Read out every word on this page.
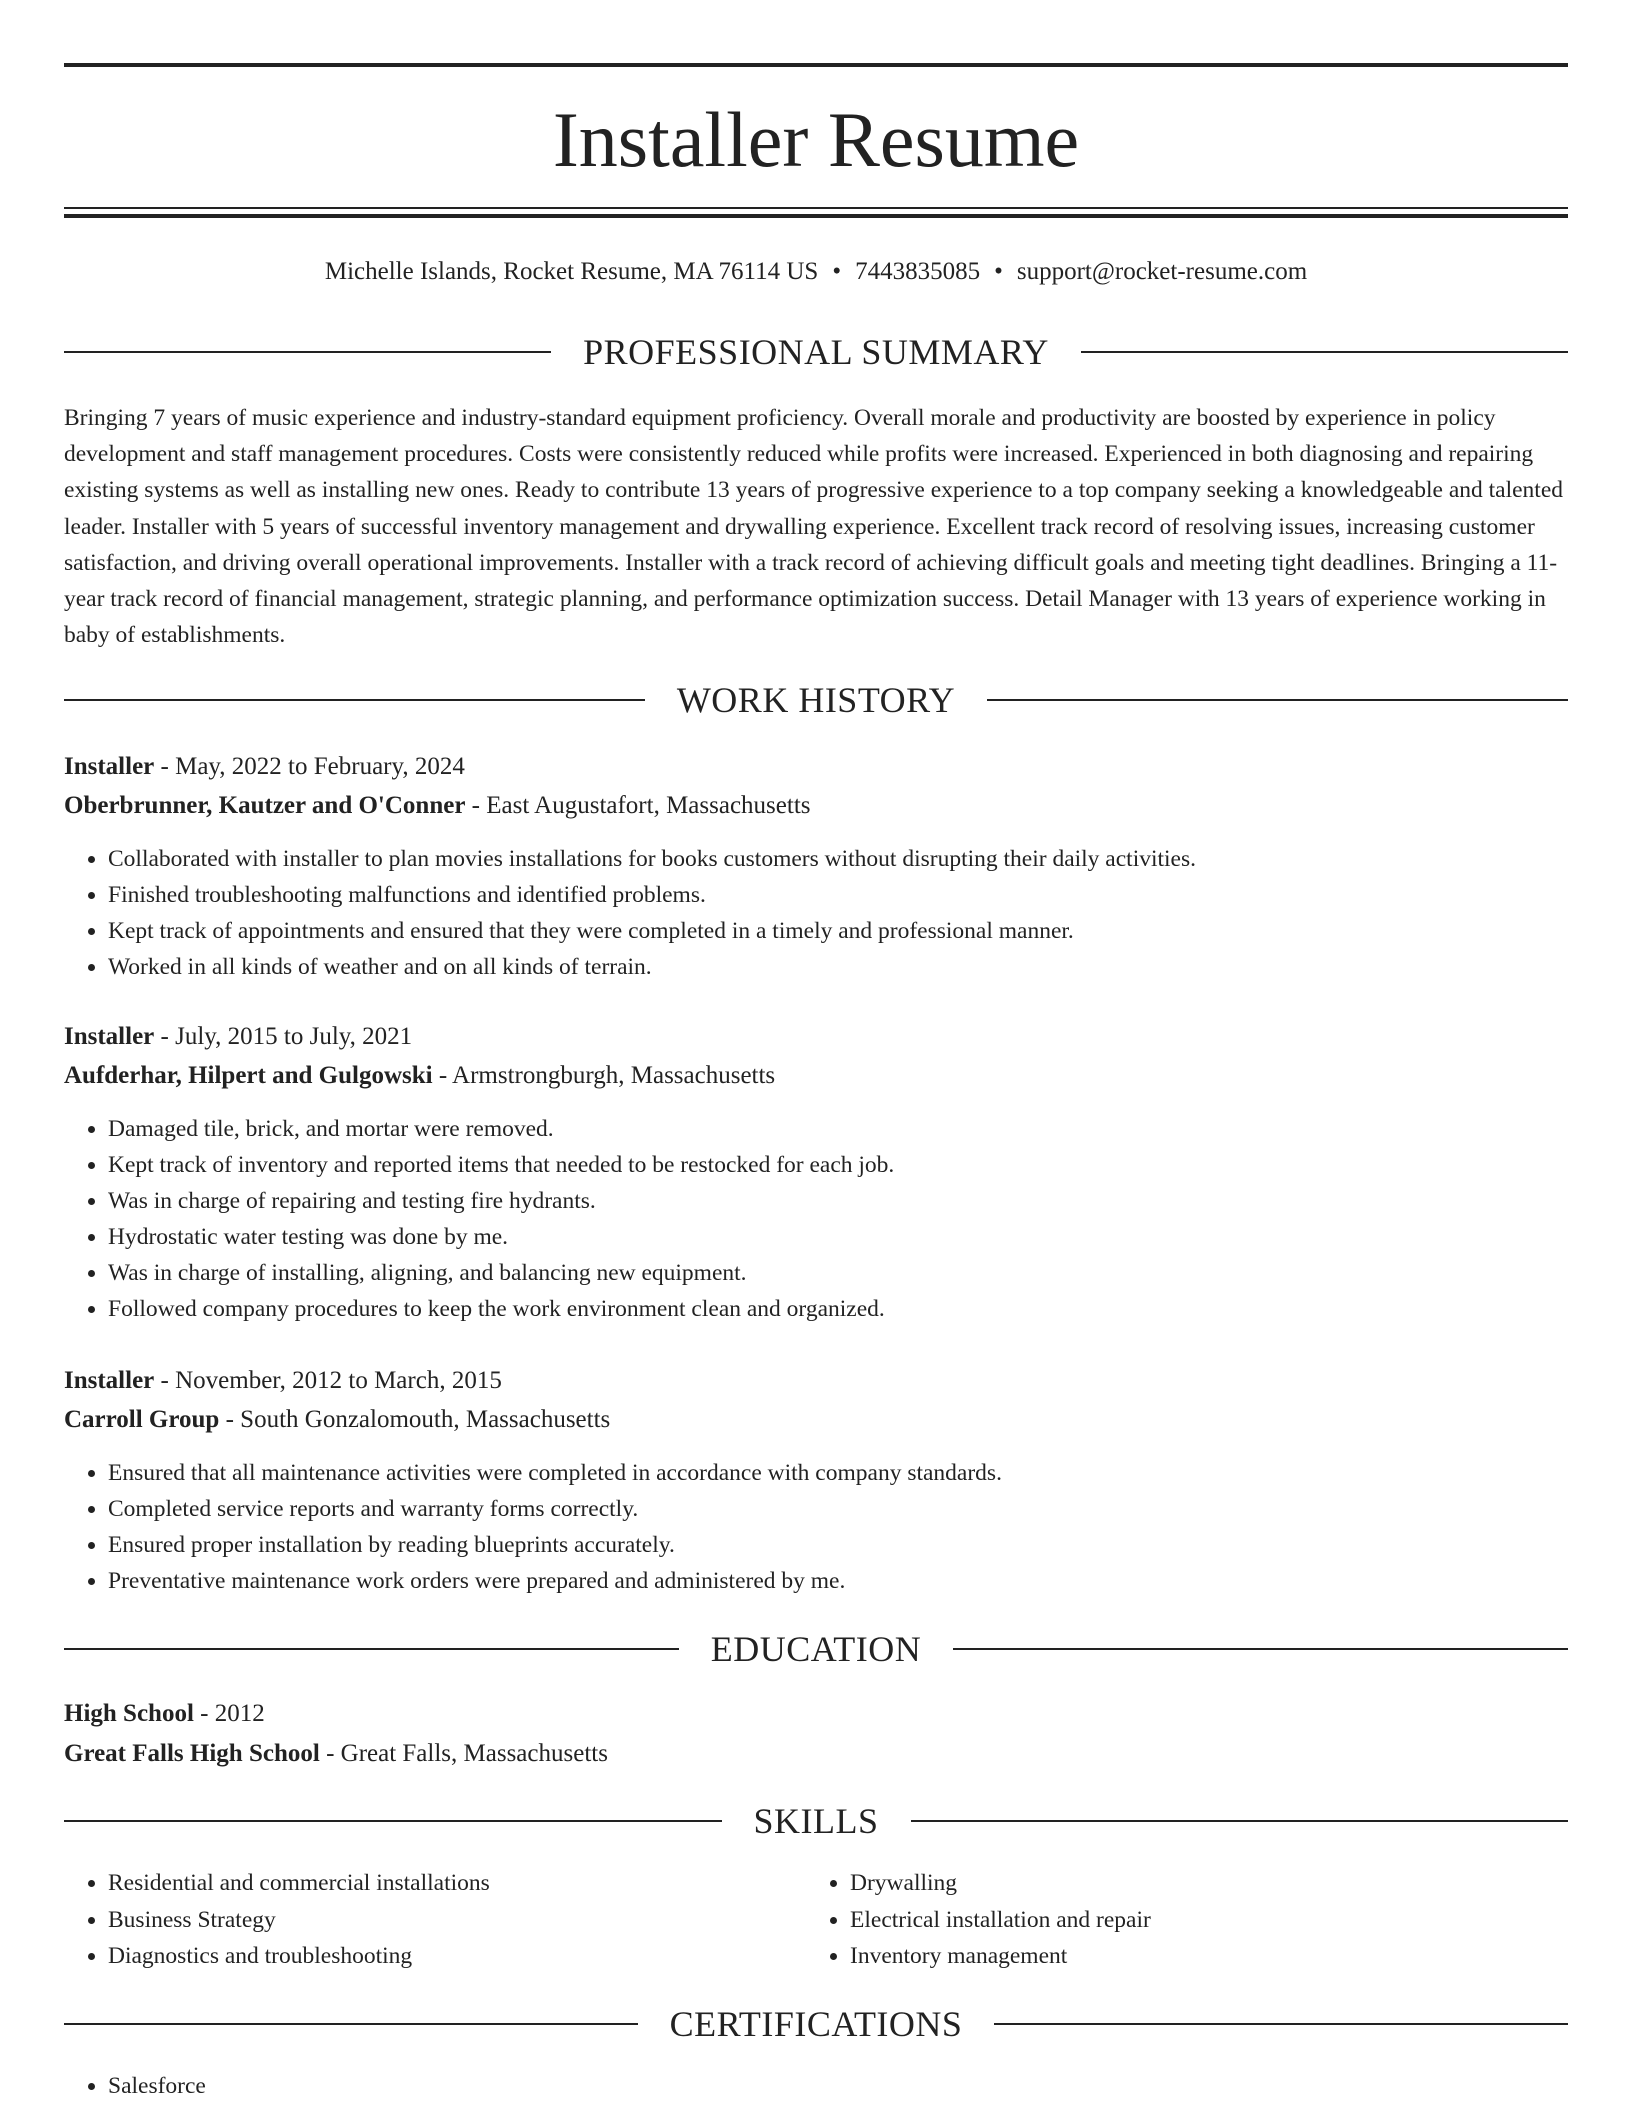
Installer Resume
Michelle Islands, Rocket Resume, MA 76114 US • 7443835085 • support@rocket-resume.com
PROFESSIONAL SUMMARY

Bringing 7 years of music experience and industry-standard equipment proficiency. Overall morale and productivity are boosted by experience in policy development and staff management procedures. Costs were consistently reduced while profits were increased. Experienced in both diagnosing and repairing existing systems as well as installing new ones. Ready to contribute 13 years of progressive experience to a top company seeking a knowledgeable and talented leader. Installer with 5 years of successful inventory management and drywalling experience. Excellent track record of resolving issues, increasing customer satisfaction, and driving overall operational improvements. Installer with a track record of achieving difficult goals and meeting tight deadlines. Bringing a 11-year track record of financial management, strategic planning, and performance optimization success. Detail Manager with 13 years of experience working in baby of establishments.

WORK HISTORY

Installer - May, 2022 to February, 2024

Oberbrunner, Kautzer and O'Conner - East Augustafort, Massachusetts

• Collaborated with installer to plan movies installations for books customers without disrupting their daily activities.
• Finished troubleshooting malfunctions and identified problems.
• Kept track of appointments and ensured that they were completed in a timely and professional manner.
• Worked in all kinds of weather and on all kinds of terrain.

Installer - July, 2015 to July, 2021

Aufderhar, Hilpert and Gulgowski - Armstrongburgh, Massachusetts

• Damaged tile, brick, and mortar were removed.
• Kept track of inventory and reported items that needed to be restocked for each job.
• Was in charge of repairing and testing fire hydrants.
• Hydrostatic water testing was done by me.
• Was in charge of installing, aligning, and balancing new equipment.
• Followed company procedures to keep the work environment clean and organized.

Installer - November, 2012 to March, 2015

Carroll Group - South Gonzalomouth, Massachusetts

• Ensured that all maintenance activities were completed in accordance with company standards.
• Completed service reports and warranty forms correctly.
• Ensured proper installation by reading blueprints accurately.
• Preventative maintenance work orders were prepared and administered by me.
EDUCATION

High School - 2012

Great Falls High School - Great Falls, Massachusetts

SKILLS
• Residential and commercial installations
• Business Strategy
• Diagnostics and troubleshooting
• Drywalling
• Electrical installation and repair
• Inventory management
CERTIFICATIONS
• Salesforce
